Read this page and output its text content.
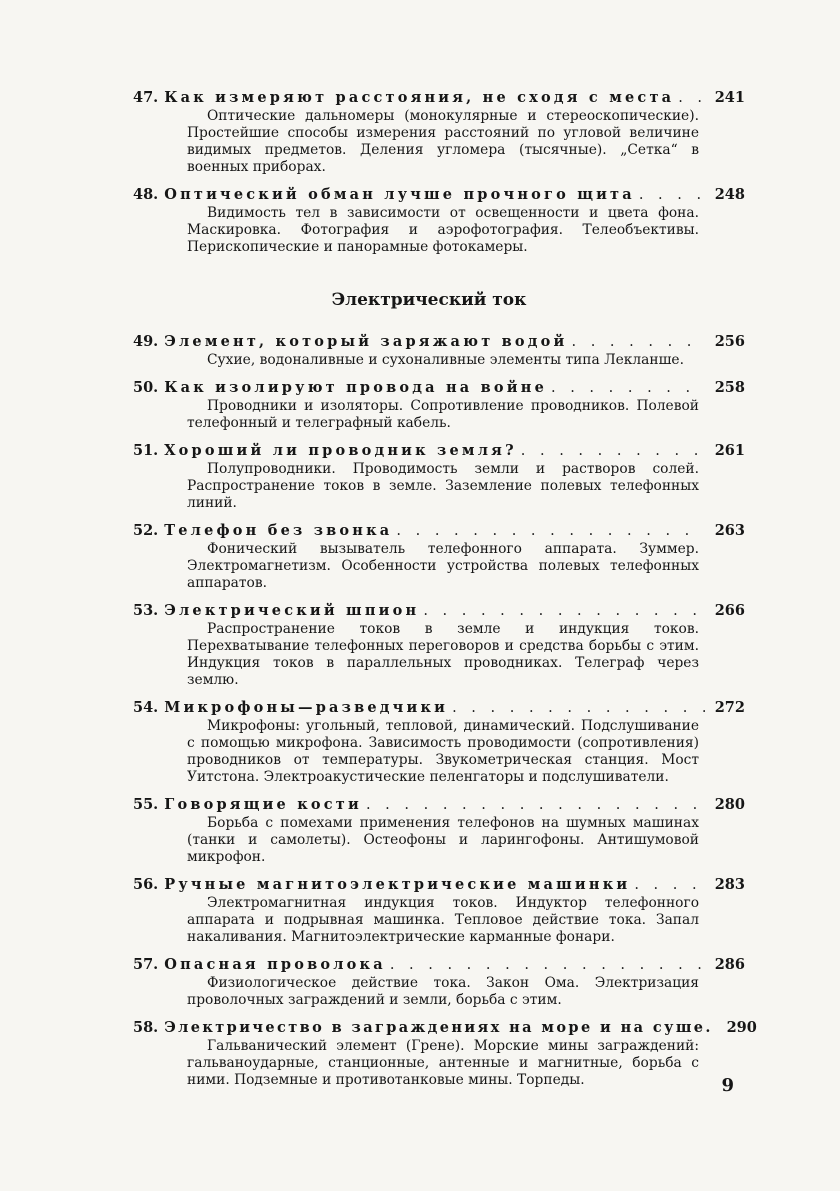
47. Как измеряют расстояния, не сходя с места . . .	241
Оптические дальномеры (монокулярные и стереоскопические). Простейшие способы измерения расстояний по угловой величине видимых предметов. Деления угломера (тысячные). „Сетка“ в военных приборах.
48. Оптический обман лучше прочного щита . . .	248
Видимость тел в зависимости от освещенности и цвета фона. Маскировка. Фотография и аэрофотография. Телеобъективы. Перископические и панорамные фотокамеры.
Электрический ток
49. Элемент, который заряжают водой . . .	256
Сухие, водоналивные и сухоналивные элементы типа Лекланше.
50. Как изолируют провода на войне . . .	258
Проводники и изоляторы. Сопротивление проводников. Полевой телефонный и телеграфный кабель.
51. Хороший ли проводник земля? . . .	261
Полупроводники. Проводимость земли и растворов солей. Распространение токов в земле. Заземление полевых телефонных линий.
52. Телефон без звонка . . .	263
Фонический вызыватель телефонного аппарата. Зуммер. Электромагнетизм. Особенности устройства полевых телефонных аппаратов.
53. Электрический шпион . . .	266
Распространение токов в земле и индукция токов. Перехватывание телефонных переговоров и средства борьбы с этим. Индукция токов в параллельных проводниках. Телеграф через землю.
54. Микрофоны—разведчики . . .	272
Микрофоны: угольный, тепловой, динамический. Подслушивание с помощью микрофона. Зависимость проводимости (сопротивления) проводников от температуры. Звукометрическая станция. Мост Уитстона. Электроакустические пеленгаторы и подслушиватели.
55. Говорящие кости . . .	280
Борьба с помехами применения телефонов на шумных машинах (танки и самолеты). Остеофоны и ларингофоны. Антишумовой микрофон.
56. Ручные магнитоэлектрические машинки . . .	283
Электромагнитная индукция токов. Индуктор телефонного аппарата и подрывная машинка. Тепловое действие тока. Запал накаливания. Магнитоэлектрические карманные фонари.
57. Опасная проволока . . .	286
Физиологическое действие тока. Закон Ома. Электризация проволочных заграждений и земли, борьба с этим.
58. Электричество в заграждениях на море и на суше. 290
Гальванический элемент (Грене). Морские мины заграждений: гальваноударные, станционные, антенные и магнитные, борьба с ними. Подземные и противотанковые мины. Торпеды.	9
